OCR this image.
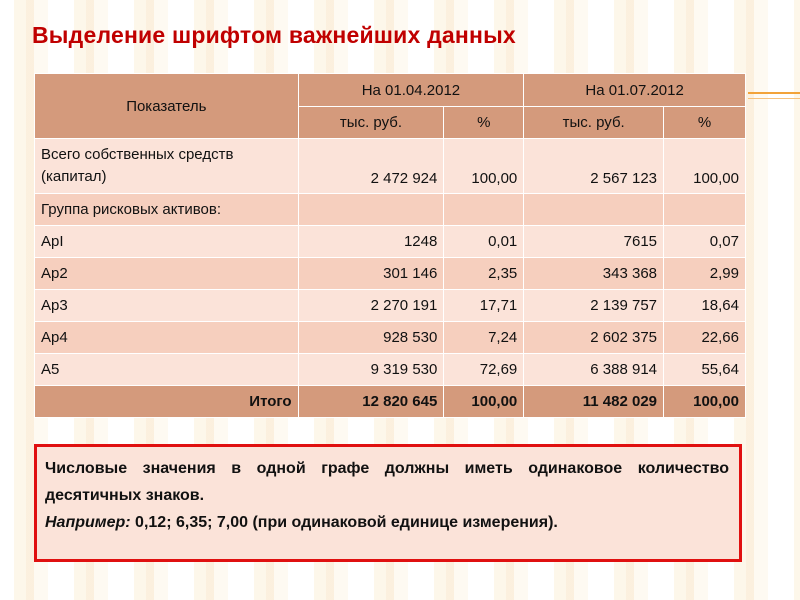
Выделение шрифтом важнейших данных
Показатель	На 01.04.2012		На 01.07.2012	
	тыс. руб.	%	тыс. руб.	%
Всего собственных средств (капитал)	2 472 924	100,00	2 567 123	100,00
Группа рисковых активов:				
АрI	1248	0,01	7615	0,07
Ар2	301 146	2,35	343 368	2,99
Ар3	2 270 191	17,71	2 139 757	18,64
Ар4	928 530	7,24	2 602 375	22,66
А5	9 319 530	72,69	6 388 914	55,64
Итого	12 820 645	100,00	11 482 029	100,00

Числовые значения в одной графе должны иметь одинаковое количество десятичных знаков.

Например: 0,12; 6,35; 7,00 (при одинаковой единице измерения).
